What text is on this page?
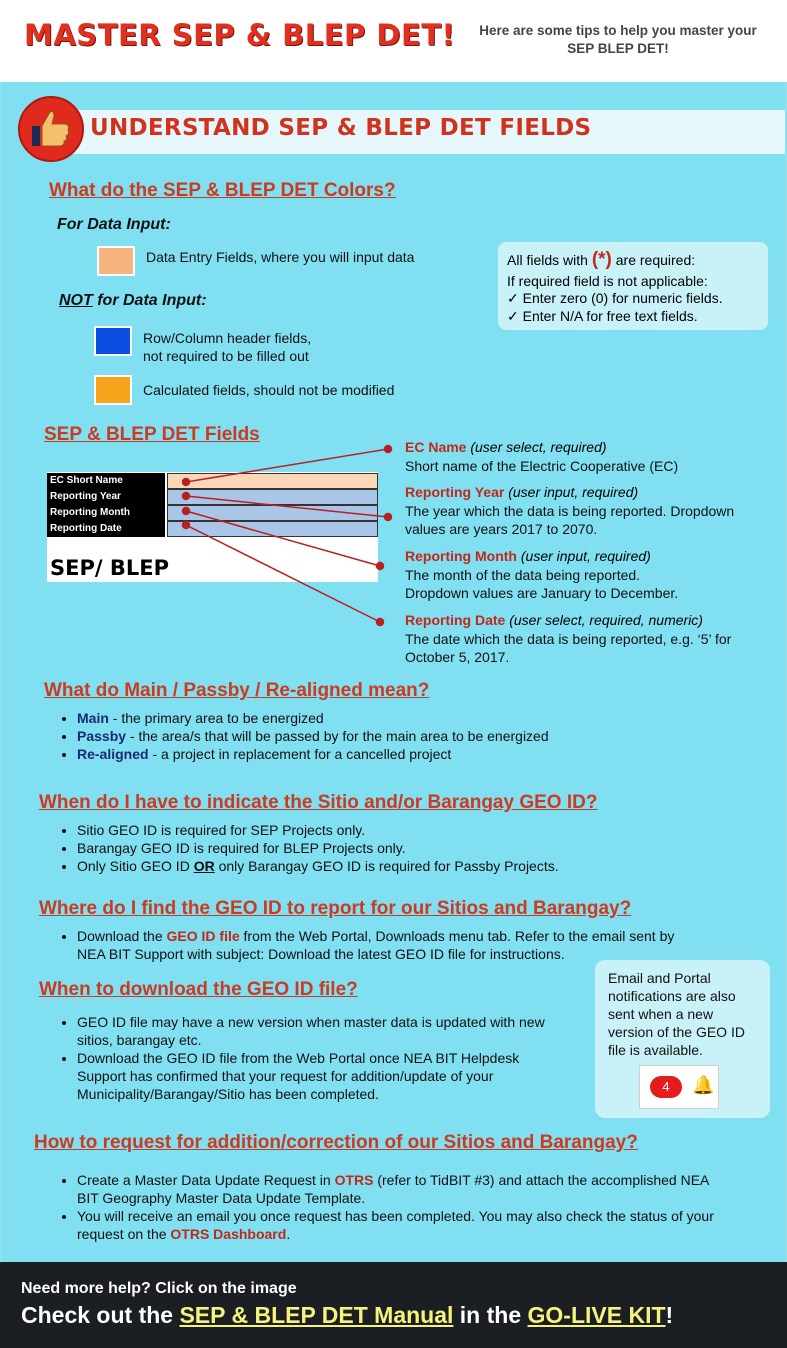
MASTER SEP & BLEP DET!	Here are some tips to help you master your
SEP BLEP DET!
UNDERSTAND SEP & BLEP DET FIELDS
What do the SEP & BLEP DET Colors?
For Data Input:
Data Entry Fields, where you will input data
NOT for Data Input:
Row/Column header fields,
not required to be filled out
Calculated fields, should not be modified
All fields with (*) are required:
If required field is not applicable:
✓ Enter zero (0) for numeric fields.
✓ Enter N/A for free text fields.
SEP & BLEP DET Fields
EC Short Name
Reporting Year
Reporting Month
Reporting Date
SEP/ BLEP
EC Name (user select, required)
Short name of the Electric Cooperative (EC)
Reporting Year (user input, required)
The year which the data is being reported. Dropdown
values are years 2017 to 2070.
Reporting Month (user input, required)
The month of the data being reported.
Dropdown values are January to December.
Reporting Date (user select, required, numeric)
The date which the data is being reported, e.g. ‘5’ for
October 5, 2017.
What do Main / Passby / Re-aligned mean?
• Main - the primary area to be energized
• Passby - the area/s that will be passed by for the main area to be energized
• Re-aligned - a project in replacement for a cancelled project
When do I have to indicate the Sitio and/or Barangay GEO ID?
• Sitio GEO ID is required for SEP Projects only.
• Barangay GEO ID is required for BLEP Projects only.
• Only Sitio GEO ID OR only Barangay GEO ID is required for Passby Projects.
Where do I find the GEO ID to report for our Sitios and Barangay?
• Download the GEO ID file from the Web Portal, Downloads menu tab. Refer to the email sent by
NEA BIT Support with subject: Download the latest GEO ID file for instructions.
When to download the GEO ID file?
• GEO ID file may have a new version when master data is updated with new
sitios, barangay etc.
• Download the GEO ID file from the Web Portal once NEA BIT Helpdesk
Support has confirmed that your request for addition/update of your
Municipality/Barangay/Sitio has been completed.
Email and Portal
notifications are also
sent when a new
version of the GEO ID
file is available.
4	🔔
How to request for addition/correction of our Sitios and Barangay?
• Create a Master Data Update Request in OTRS (refer to TidBIT #3) and attach the accomplished NEA
BIT Geography Master Data Update Template.
• You will receive an email you once request has been completed. You may also check the status of your
request on the OTRS Dashboard.
Need more help? Click on the image
Check out the SEP & BLEP DET Manual in the GO-LIVE KIT!
